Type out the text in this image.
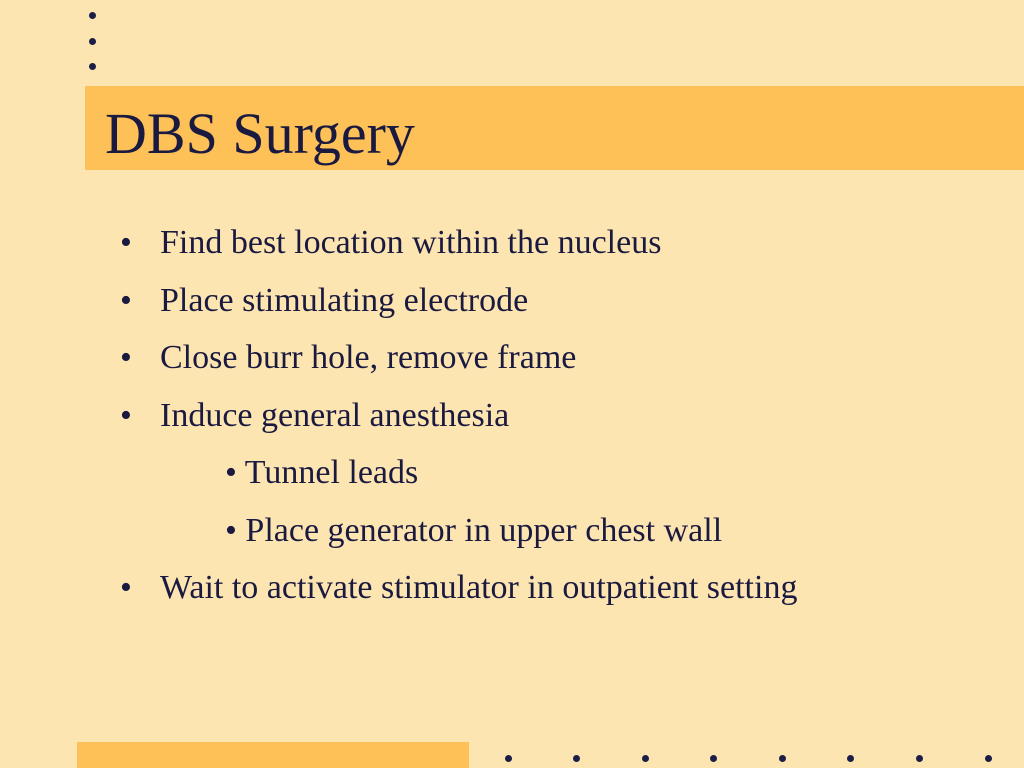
DBS Surgery
• Find best location within the nucleus
• Place stimulating electrode
• Close burr hole, remove frame
• Induce general anesthesia
• Tunnel leads
• Place generator in upper chest wall
• Wait to activate stimulator in outpatient setting
